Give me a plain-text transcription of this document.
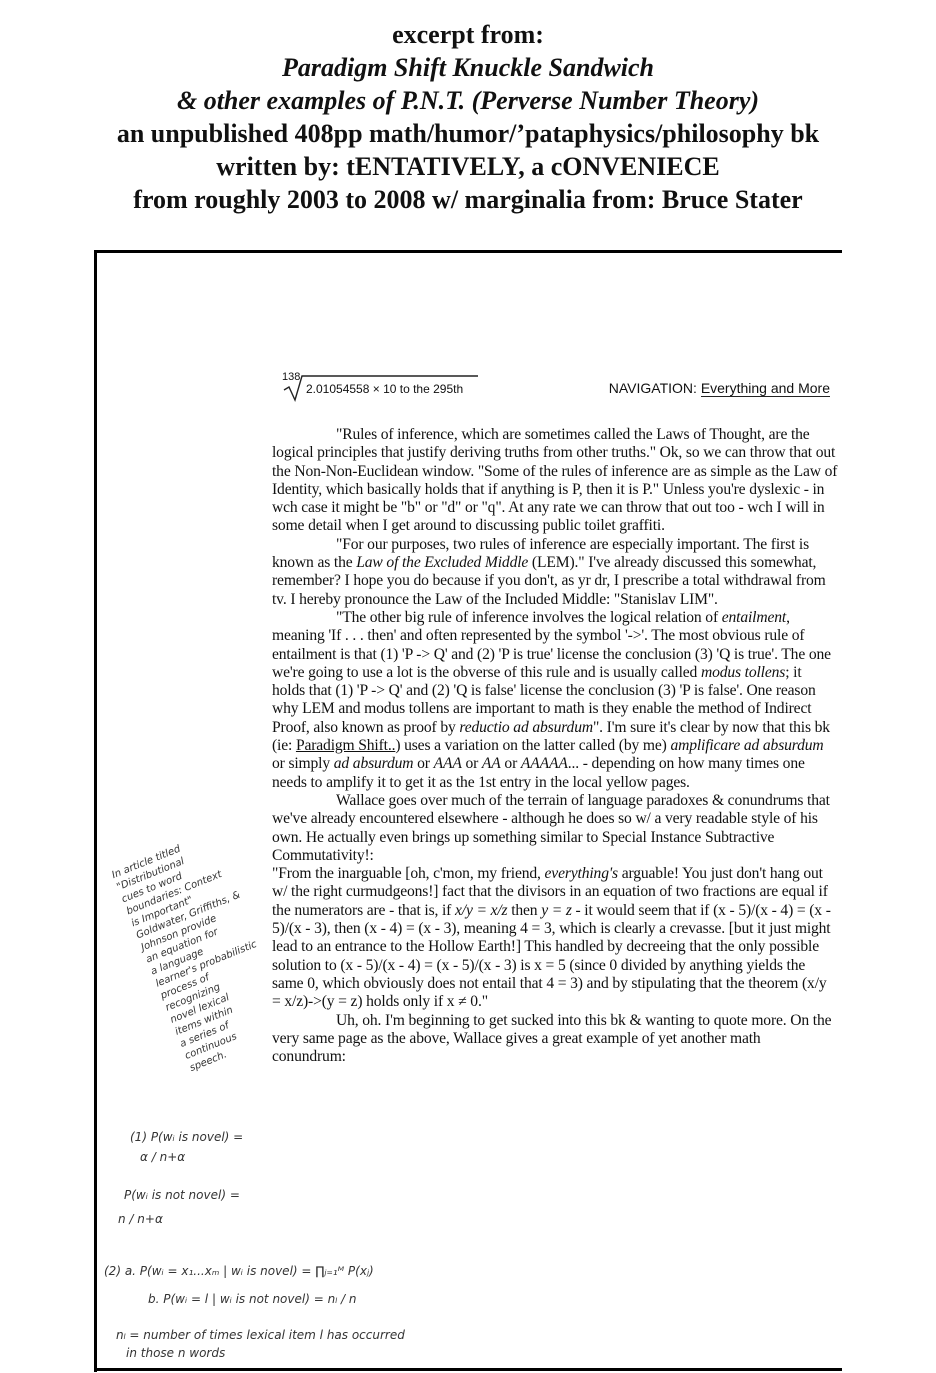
excerpt from:
Paradigm Shift Knuckle Sandwich
& other examples of P.N.T. (Perverse Number Theory)
an unpublished 408pp math/humor/’pataphysics/philosophy bk
written by: tENTATIVELY, a cONVENIECE
from roughly 2003 to 2008 w/ marginalia from: Bruce Stater
138
2.01054558 × 10 to the 295th	NAVIGATION: Everything and More

"Rules of inference, which are sometimes called the Laws of Thought, are the logical principles that justify deriving truths from other truths." Ok, so we can throw that out the Non-Non-Euclidean window. "Some of the rules of inference are as simple as the Law of Identity, which basically holds that if anything is P, then it is P." Unless you're dyslexic - in wch case it might be "b" or "d" or "q". At any rate we can throw that out too - wch I will in some detail when I get around to discussing public toilet graffiti.

"For our purposes, two rules of inference are especially important. The first is known as the Law of the Excluded Middle (LEM)." I've already discussed this somewhat, remember? I hope you do because if you don't, as yr dr, I prescribe a total withdrawal from tv. I hereby pronounce the Law of the Included Middle: "Stanislav LIM".

"The other big rule of inference involves the logical relation of entailment, meaning 'If . . . then' and often represented by the symbol '->'. The most obvious rule of entailment is that (1) 'P -> Q' and (2) 'P is true' license the conclusion (3) 'Q is true'. The one we're going to use a lot is the obverse of this rule and is usually called modus tollens; it holds that (1) 'P -> Q' and (2) 'Q is false' license the conclusion (3) 'P is false'. One reason why LEM and modus tollens are important to math is they enable the method of Indirect Proof, also known as proof by reductio ad absurdum". I'm sure it's clear by now that this bk (ie: Paradigm Shift..) uses a variation on the latter called (by me) amplificare ad absurdum or simply ad absurdum or AAA or AA or AAAAA... - depending on how many times one needs to amplify it to get it as the 1st entry in the local yellow pages.

Wallace goes over much of the terrain of language paradoxes & conundrums that we've already encountered elsewhere - although he does so w/ a very readable style of his own. He actually even brings up something similar to Special Instance Subtractive Commutativity!:

"From the inarguable [oh, c'mon, my friend, everything's arguable! You just don't hang out w/ the right curmudgeons!] fact that the divisors in an equation of two fractions are equal if the numerators are - that is, if x/y = x/z then y = z - it would seem that if (x - 5)/(x - 4) = (x - 5)/(x - 3), then (x - 4) = (x - 3), meaning 4 = 3, which is clearly a crevasse. [but it just might lead to an entrance to the Hollow Earth!] This handled by decreeing that the only possible solution to (x - 5)/(x - 4) = (x - 5)/(x - 3) is x = 5 (since 0 divided by anything yields the same 0, which obviously does not entail that 4 = 3) and by stipulating that the theorem (x/y = x/z)->(y = z) holds only if x ≠ 0."

Uh, oh. I'm beginning to get sucked into this bk & wanting to quote more. On the very same page as the above, Wallace gives a great example of yet another math conundrum:

In article titled
"Distributional
cues to word
boundaries: Context
is Important"
Goldwater, Griffiths, &
Johnson provide
an equation for
a language
learner's probabilistic
process of
recognizing
novel lexical
items within
a series of
continuous
speech.
(1) P(wᵢ is novel) =
α / n+α
P(wᵢ is not novel) =
n / n+α
(2) a. P(wᵢ = x₁...xₘ | wᵢ is novel) = ∏ⱼ₌₁ᴹ P(xⱼ)
b. P(wᵢ = l | wᵢ is not novel) = nₗ / n
nₗ = number of times lexical item l has occurred
in those n words
